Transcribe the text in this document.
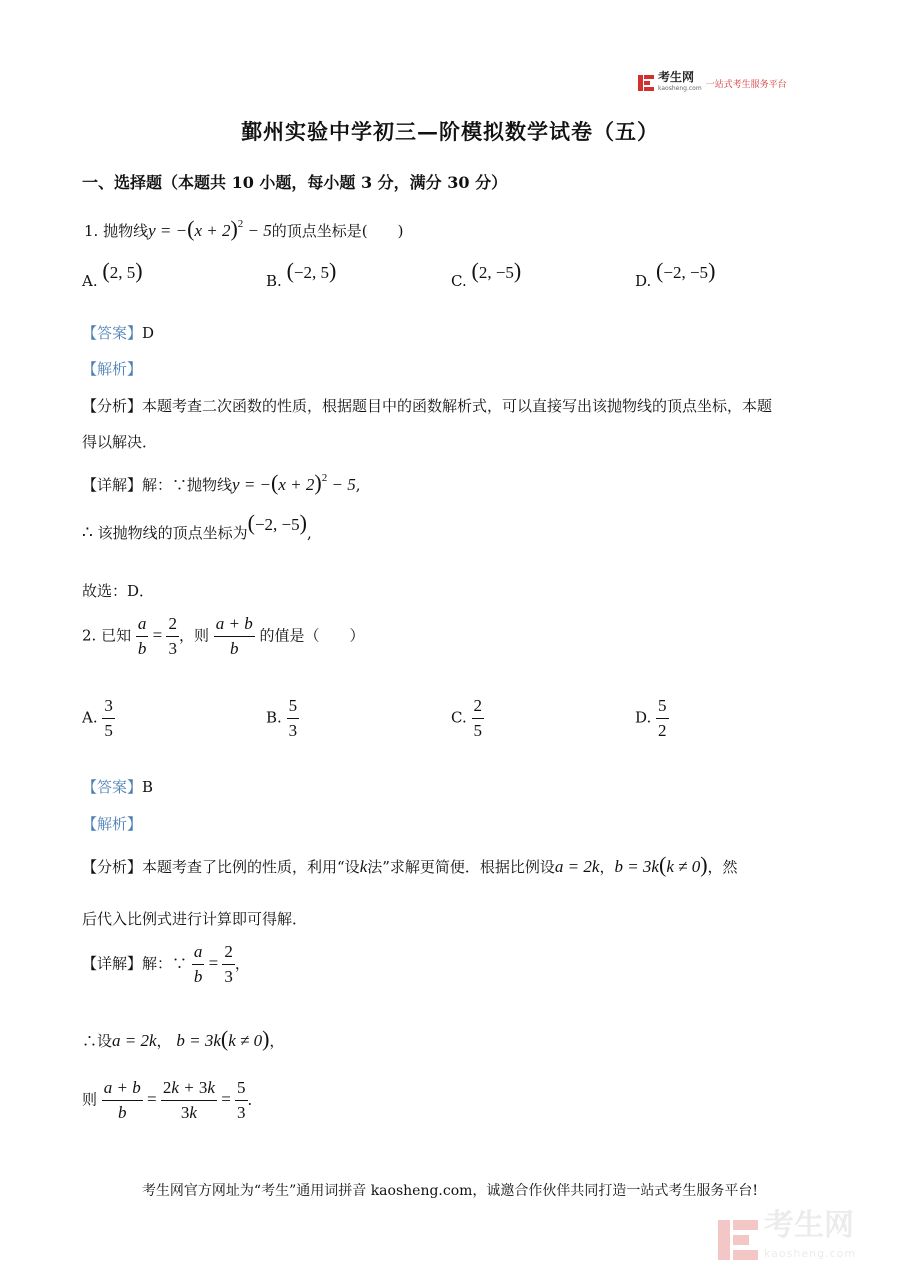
考生网
kaosheng.com 一站式考生服务平台
鄞州实验中学初三—阶模拟数学试卷（五）
一、选择题（本题共 10 小题，每小题 3 分，满分 30 分）
1. 抛物线$y = -(x + 2)^2 - 5$的顶点坐标是(　　)
A. (2, 5)	B. (−2, 5)	C. (2, −5)	D. (−2, −5)
【答案】D
【解析】
【分析】本题考查二次函数的性质，根据题目中的函数解析式，可以直接写出该抛物线的顶点坐标，本题
得以解决．
【详解】解：∵抛物线$y = -(x + 2)^2 - 5$,
∴ 该抛物线的顶点坐标为(−2, −5),
故选：D．
2. 已知 $\frac{a}{b} = \frac{2}{3}$ ，则 $\frac{a + b}{b}$ 的值是（　　）
A. $\frac{3}{5}$	B. $\frac{5}{3}$	C. $\frac{2}{5}$	D. $\frac{5}{2}$
【答案】B
【解析】
【分析】本题考查了比例的性质，利用“设k法”求解更简便．根据比例设a = 2k，b = 3k(k ≠ 0)，然
后代入比例式进行计算即可得解．
【详解】解：∵ $\frac{a}{b} = \frac{2}{3}$ ，
∴设a = 2k， b = 3k(k ≠ 0)，
则 $\frac{a + b}{b} = \frac{2k + 3k}{3k} = \frac{5}{3}$ ．
考生网官方网址为“考生”通用词拼音 kaosheng.com，诚邀合作伙伴共同打造一站式考生服务平台!
考生网
kaosheng.com
